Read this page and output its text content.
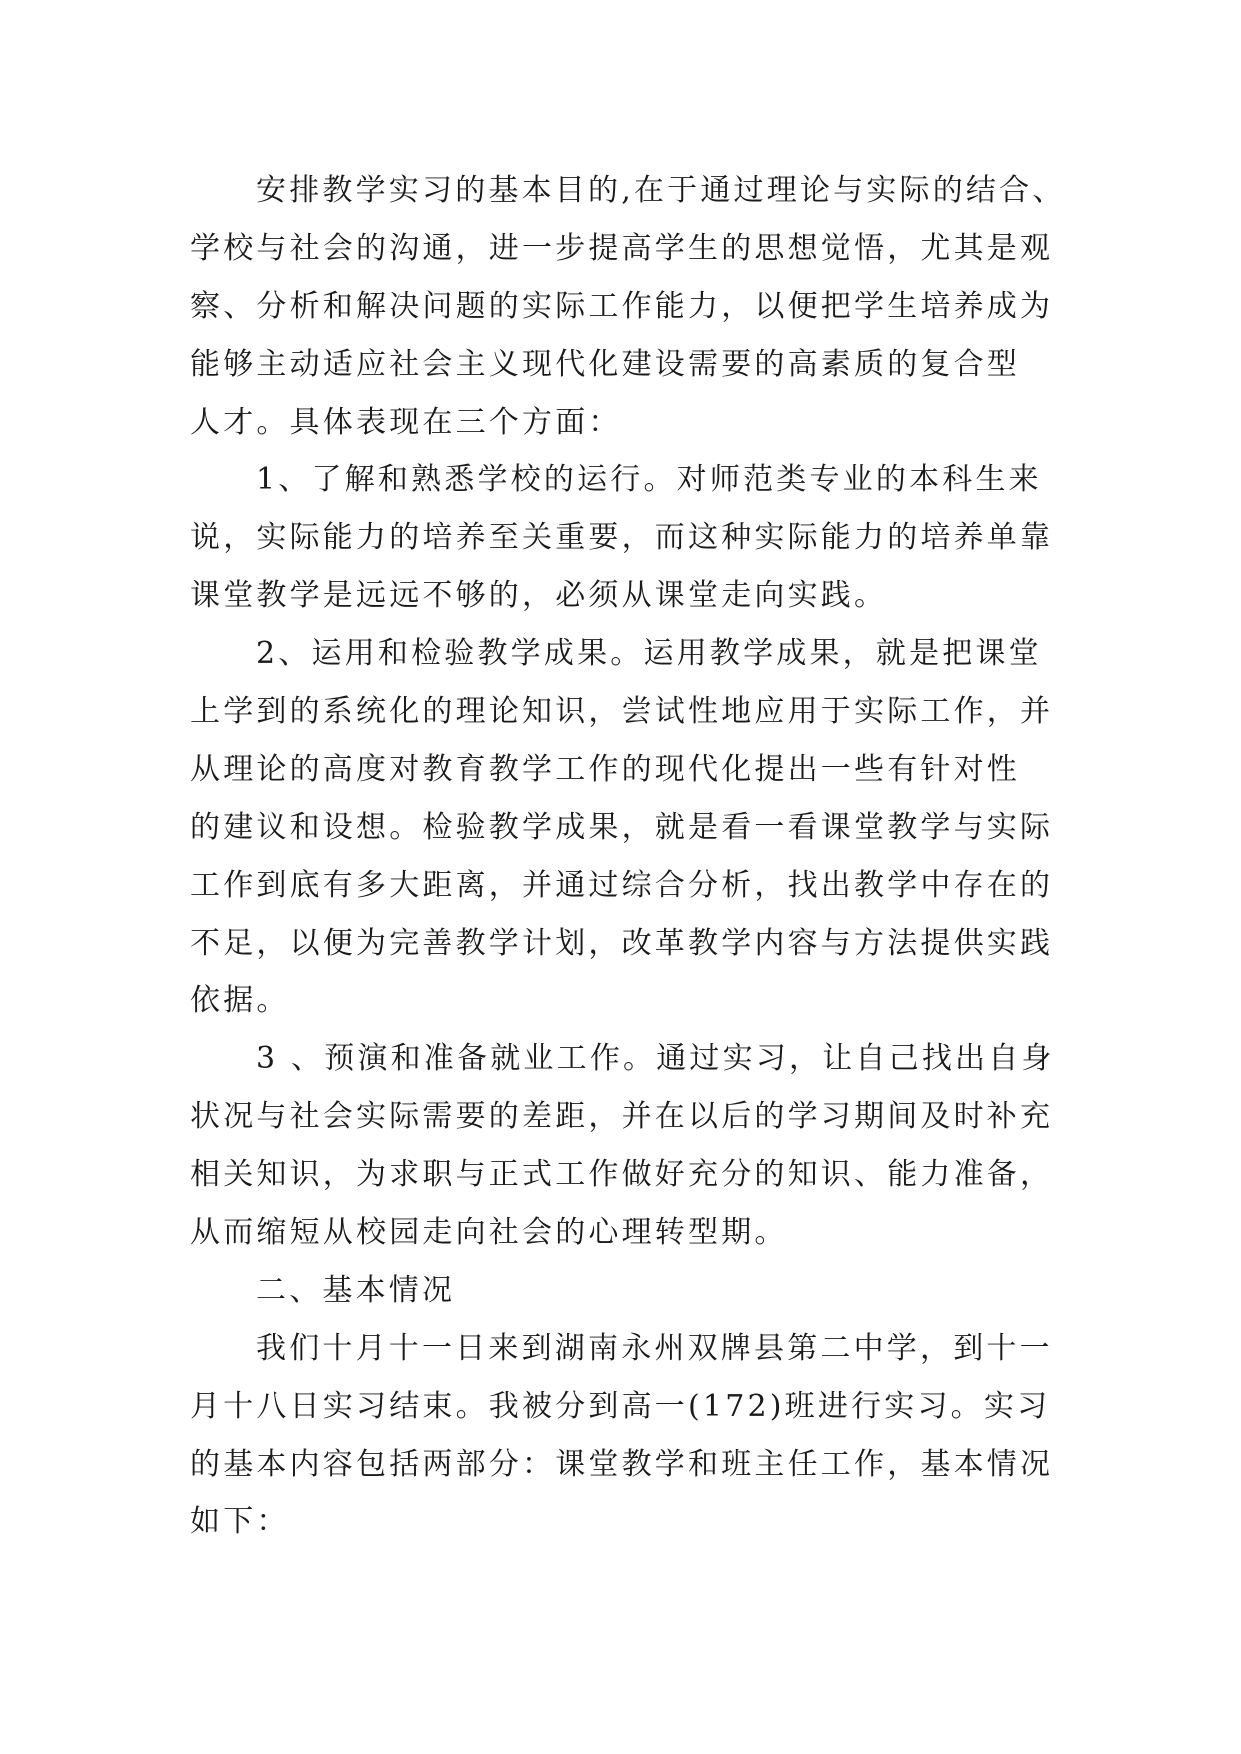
安排教学实习的基本目的,在于通过理论与实际的结合、
学校与社会的沟通，进一步提高学生的思想觉悟，尤其是观
察、分析和解决问题的实际工作能力，以便把学生培养成为
能够主动适应社会主义现代化建设需要的高素质的复合型
人才。具体表现在三个方面：
1、了解和熟悉学校的运行。对师范类专业的本科生来
说，实际能力的培养至关重要，而这种实际能力的培养单靠
课堂教学是远远不够的，必须从课堂走向实践。
2、运用和检验教学成果。运用教学成果，就是把课堂
上学到的系统化的理论知识，尝试性地应用于实际工作，并
从理论的高度对教育教学工作的现代化提出一些有针对性
的建议和设想。检验教学成果，就是看一看课堂教学与实际
工作到底有多大距离，并通过综合分析，找出教学中存在的
不足，以便为完善教学计划，改革教学内容与方法提供实践
依据。
3 、预演和准备就业工作。通过实习，让自己找出自身
状况与社会实际需要的差距，并在以后的学习期间及时补充
相关知识，为求职与正式工作做好充分的知识、能力准备，
从而缩短从校园走向社会的心理转型期。
二、基本情况
我们十月十一日来到湖南永州双牌县第二中学，到十一
月十八日实习结束。我被分到高一(172)班进行实习。实习
的基本内容包括两部分：课堂教学和班主任工作，基本情况
如下：
